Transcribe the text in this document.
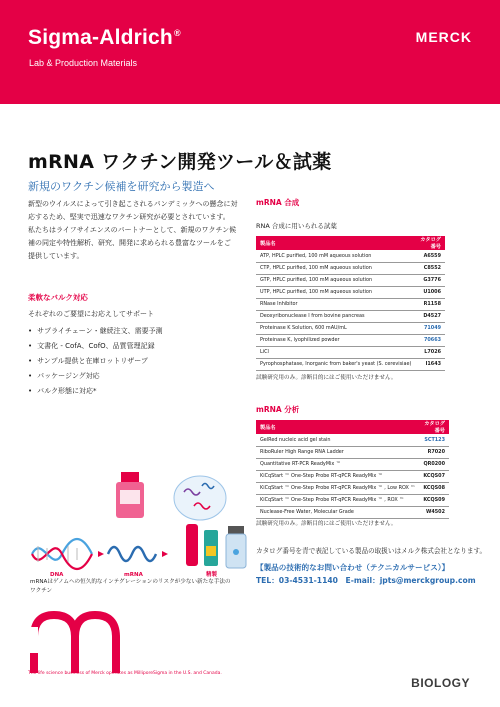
Sigma-Aldrich®
Lab & Production Materials
MERCK
mRNA ワクチン開発ツール＆試薬
新規のワクチン候補を研究から製造へ
新型のウイルスによって引き起こされるパンデミックへの懸念に対
応するため、堅実で迅速なワクチン研究が必要とされています。
私たちはライフサイエンスのパートナーとして、新規のワクチン候
補の同定や特性解析、研究、開発に求められる豊富なツールをご
提供しています。
柔軟なバルク対応
それぞれのご要望にお応えしてサポート
• サプライチェーン・継続注文、需要予測
• 文書化 - CofA、CofO、品質管理記録
• サンプル提供と在庫ロットリザーブ
• パッケージング対応
• バルク形態に対応*
DNA	mRNA	精製
mRNAはゲノムへの恒久的なインテグレーションのリスクが少ない新たな手法の
ワクチン
The life science business of Merck operates as MilliporeSigma in the U.S. and Canada.
mRNA 合成
RNA 合成に用いられる試薬
製品名	カタログ番号
ATP, HPLC purified, 100 mM aqueous solution	A6559
CTP, HPLC purified, 100 mM aqueous solution	C8552
GTP, HPLC purified, 100 mM aqueous solution	G3776
UTP, HPLC purified, 100 mM aqueous solution	U1006
RNase Inhibitor	R1158
Deoxyribonuclease I from bovine pancreas	D4527
Proteinase K Solution, 600 mAU/mL	71049
Proteinase K, lyophilized powder	70663
LiCl	L7026
Pyrophosphatase, Inorganic from baker's yeast (S. cerevisiae)	I1643
試験研究用のみ。診断目的にはご使用いただけません。
mRNA 分析
製品名	カタログ番号
GelRed nucleic acid gel stain	SCT123
RiboRuler High Range RNA Ladder	R7020
Quantitative RT-PCR ReadyMix ™	QR0200
KiCqStart ™ One-Step Probe RT-qPCR ReadyMix ™	KCQS07
KiCqStart ™ One-Step Probe RT-qPCR ReadyMix ™ , Low ROX ™	KCQS08
KiCqStart ™ One-Step Probe RT-qPCR ReadyMix ™ , ROX ™	KCQS09
Nuclease-Free Water, Molecular Grade	W4502
試験研究用のみ。診断目的にはご使用いただけません。
カタログ番号を青で表記している製品の取扱いはメルク株式会社となります。
【製品の技術的なお問い合わせ（テクニカルサービス）】
TEL：03-4531-1140　E-mail：jpts@merckgroup.com
BIOLOGY
